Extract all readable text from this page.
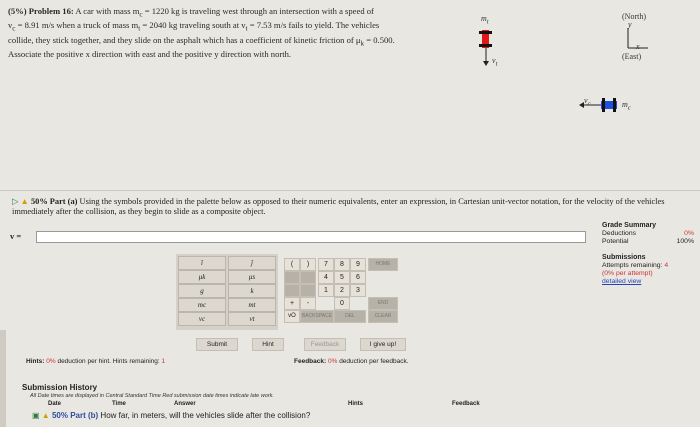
(5%) Problem 16: A car with mass $m_c = 1220$ kg is traveling west through an intersection with a speed of

$v_c = 8.91$ m/s when a truck of mass $m_t = 2040$ kg traveling south at $v_t = 7.53$ m/s fails to yield. The vehicles

collide, they stick together, and they slide on the asphalt which has a coefficient of kinetic friction of $\mu_k = 0.500$.

Associate the positive x direction with east and the positive y direction with north.

$m_t$
$v_t$
(North)
y
x
(East)
$v_c$	$m_c$
▷ ▲ 50% Part (a) Using the symbols provided in the palette below as opposed to their numeric equivalents, enter an expression, in Cartesian unit-vector notation, for the velocity of the vehicles immediately after the collision, as they begin to slide as a composite object.
v =
Grade Summary
Deductions	0%
Potential	100%
Submissions
Attempts remaining: 4
(0% per attempt)
detailed view
î	ĵ
μk	μs
g	k
mc	mt
vc	vt
(	)
+	-
7	8	9
4	5	6
1	2	3
0
HOME
END
vO	BACKSPACE	DEL	CLEAR
Submit	Hint	Feedback	I give up!
Hints: 0% deduction per hint. Hints remaining: 1	Feedback: 0% deduction per feedback.
Submission History
All Date times are displayed in Central Standard Time Red submission date times indicate late work.
Date	Time	Answer	Hints	Feedback
▣ ▲ 50% Part (b) How far, in meters, will the vehicles slide after the collision?
